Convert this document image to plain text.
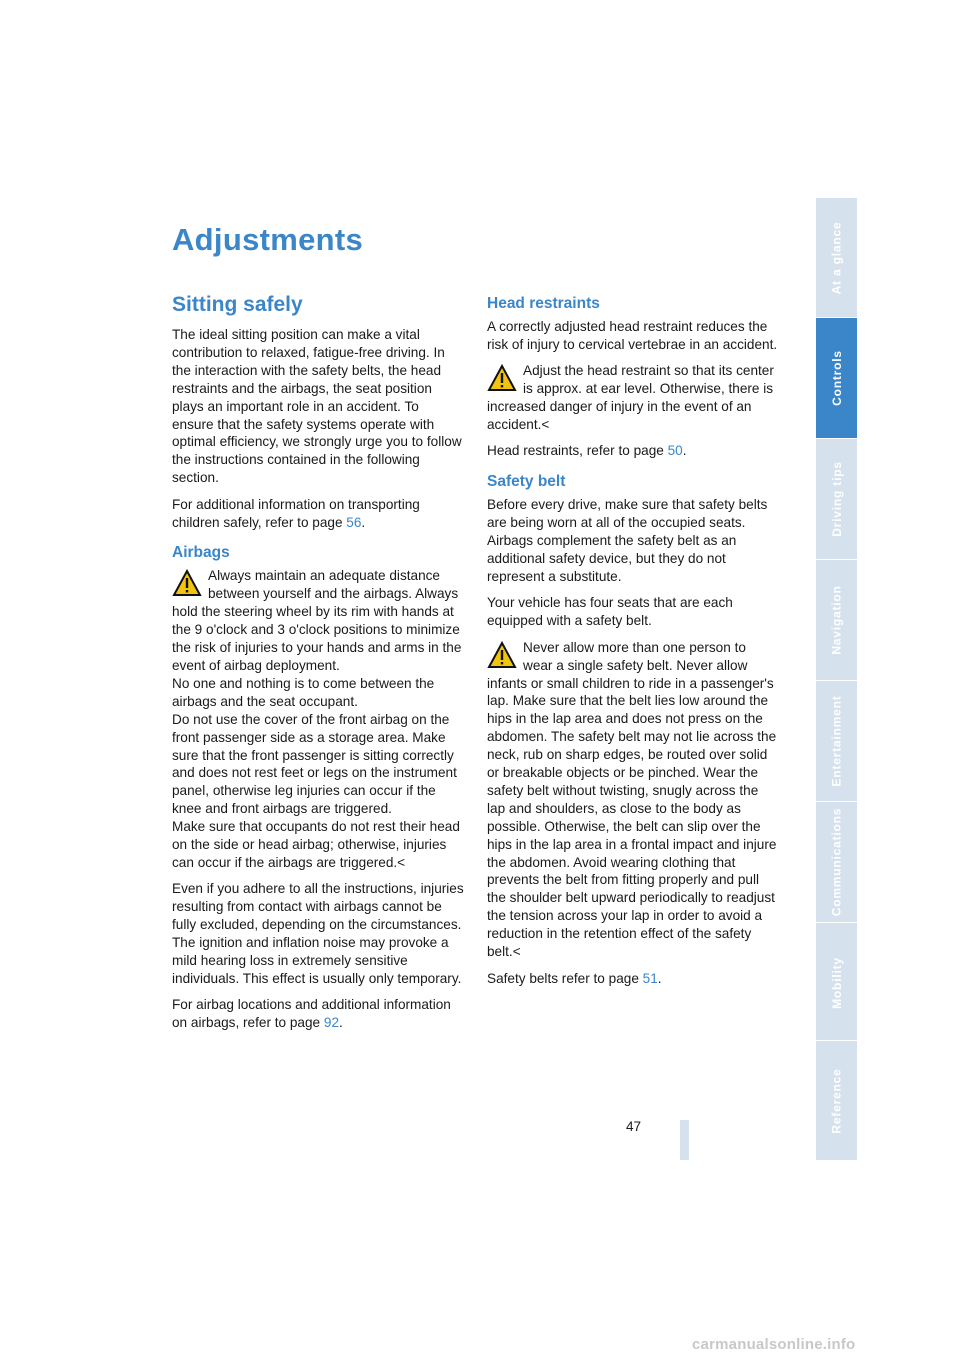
Adjustments
Sitting safely

The ideal sitting position can make a vital contribution to relaxed, fatigue-free driving. In the interaction with the safety belts, the head restraints and the airbags, the seat position plays an important role in an accident. To ensure that the safety systems operate with optimal efficiency, we strongly urge you to follow the instructions contained in the following section.

For additional information on transporting children safely, refer to page 56.

Airbags
Always maintain an adequate distance between yourself and the airbags. Always hold the steering wheel by its rim with hands at the 9 o'clock and 3 o'clock positions to minimize the risk of injuries to your hands and arms in the event of airbag deployment.
No one and nothing is to come between the airbags and the seat occupant.
Do not use the cover of the front airbag on the front passenger side as a storage area. Make sure that the front passenger is sitting correctly and does not rest feet or legs on the instrument panel, otherwise leg injuries can occur if the knee and front airbags are triggered.
Make sure that occupants do not rest their head on the side or head airbag; otherwise, injuries can occur if the airbags are triggered.<

Even if you adhere to all the instructions, injuries resulting from contact with airbags cannot be fully excluded, depending on the circumstances. The ignition and inflation noise may provoke a mild hearing loss in extremely sensitive individuals. This effect is usually only temporary.

For airbag locations and additional information on airbags, refer to page 92.

Head restraints

A correctly adjusted head restraint reduces the risk of injury to cervical vertebrae in an accident.

Adjust the head restraint so that its center is approx. at ear level. Otherwise, there is increased danger of injury in the event of an accident.<

Head restraints, refer to page 50.

Safety belt

Before every drive, make sure that safety belts are being worn at all of the occupied seats. Airbags complement the safety belt as an additional safety device, but they do not represent a substitute.

Your vehicle has four seats that are each equipped with a safety belt.

Never allow more than one person to wear a single safety belt. Never allow infants or small children to ride in a passenger's lap. Make sure that the belt lies low around the hips in the lap area and does not press on the abdomen. The safety belt may not lie across the neck, rub on sharp edges, be routed over solid or breakable objects or be pinched. Wear the safety belt without twisting, snugly across the lap and shoulders, as close to the body as possible. Otherwise, the belt can slip over the hips in the lap area in a frontal impact and injure the abdomen. Avoid wearing clothing that prevents the belt from fitting properly and pull the shoulder belt upward periodically to readjust the tension across your lap in order to avoid a reduction in the retention effect of the safety belt.<

Safety belts refer to page 51.

At a glance
Controls
Driving tips
Navigation
Entertainment
Communications
Mobility
Reference
47
carmanualsonline.info
